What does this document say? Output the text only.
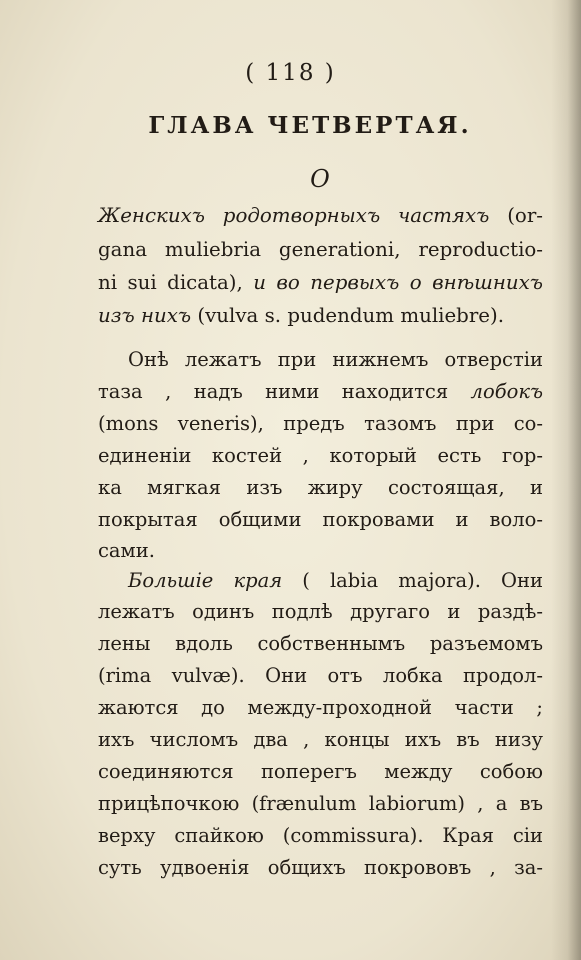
( 118 )
ГЛАВА ЧЕТВЕРТАЯ.
О
Женскихъ родотворныхъ частяхъ (or-
gana muliebria generationi, reproductio-
ni sui dicata), и во первыхъ о внѣшнихъ
изъ нихъ (vulva s. pudendum muliebre).
Онѣ лежатъ при нижнемъ отверстіи
таза , надъ ними находится лобокъ
(mons veneris), предъ тазомъ при со-
единеніи костей , который есть гор-
ка мягкая изъ жиру состоящая, и
покрытая общими покровами и воло-
сами.
Большіе края ( labia majora). Они
лежатъ одинъ подлѣ другаго и раздѣ-
лены вдоль собственнымъ разъемомъ
(rima vulvæ). Они отъ лобка продол-
жаются до между-проходной части ;
ихъ числомъ два , концы ихъ въ низу
соединяются поперегъ между собою
прицѣпочкою (frænulum labiorum) , а въ
верху спайкою (commissura). Края сіи
суть удвоенія общихъ покрововъ , за-
